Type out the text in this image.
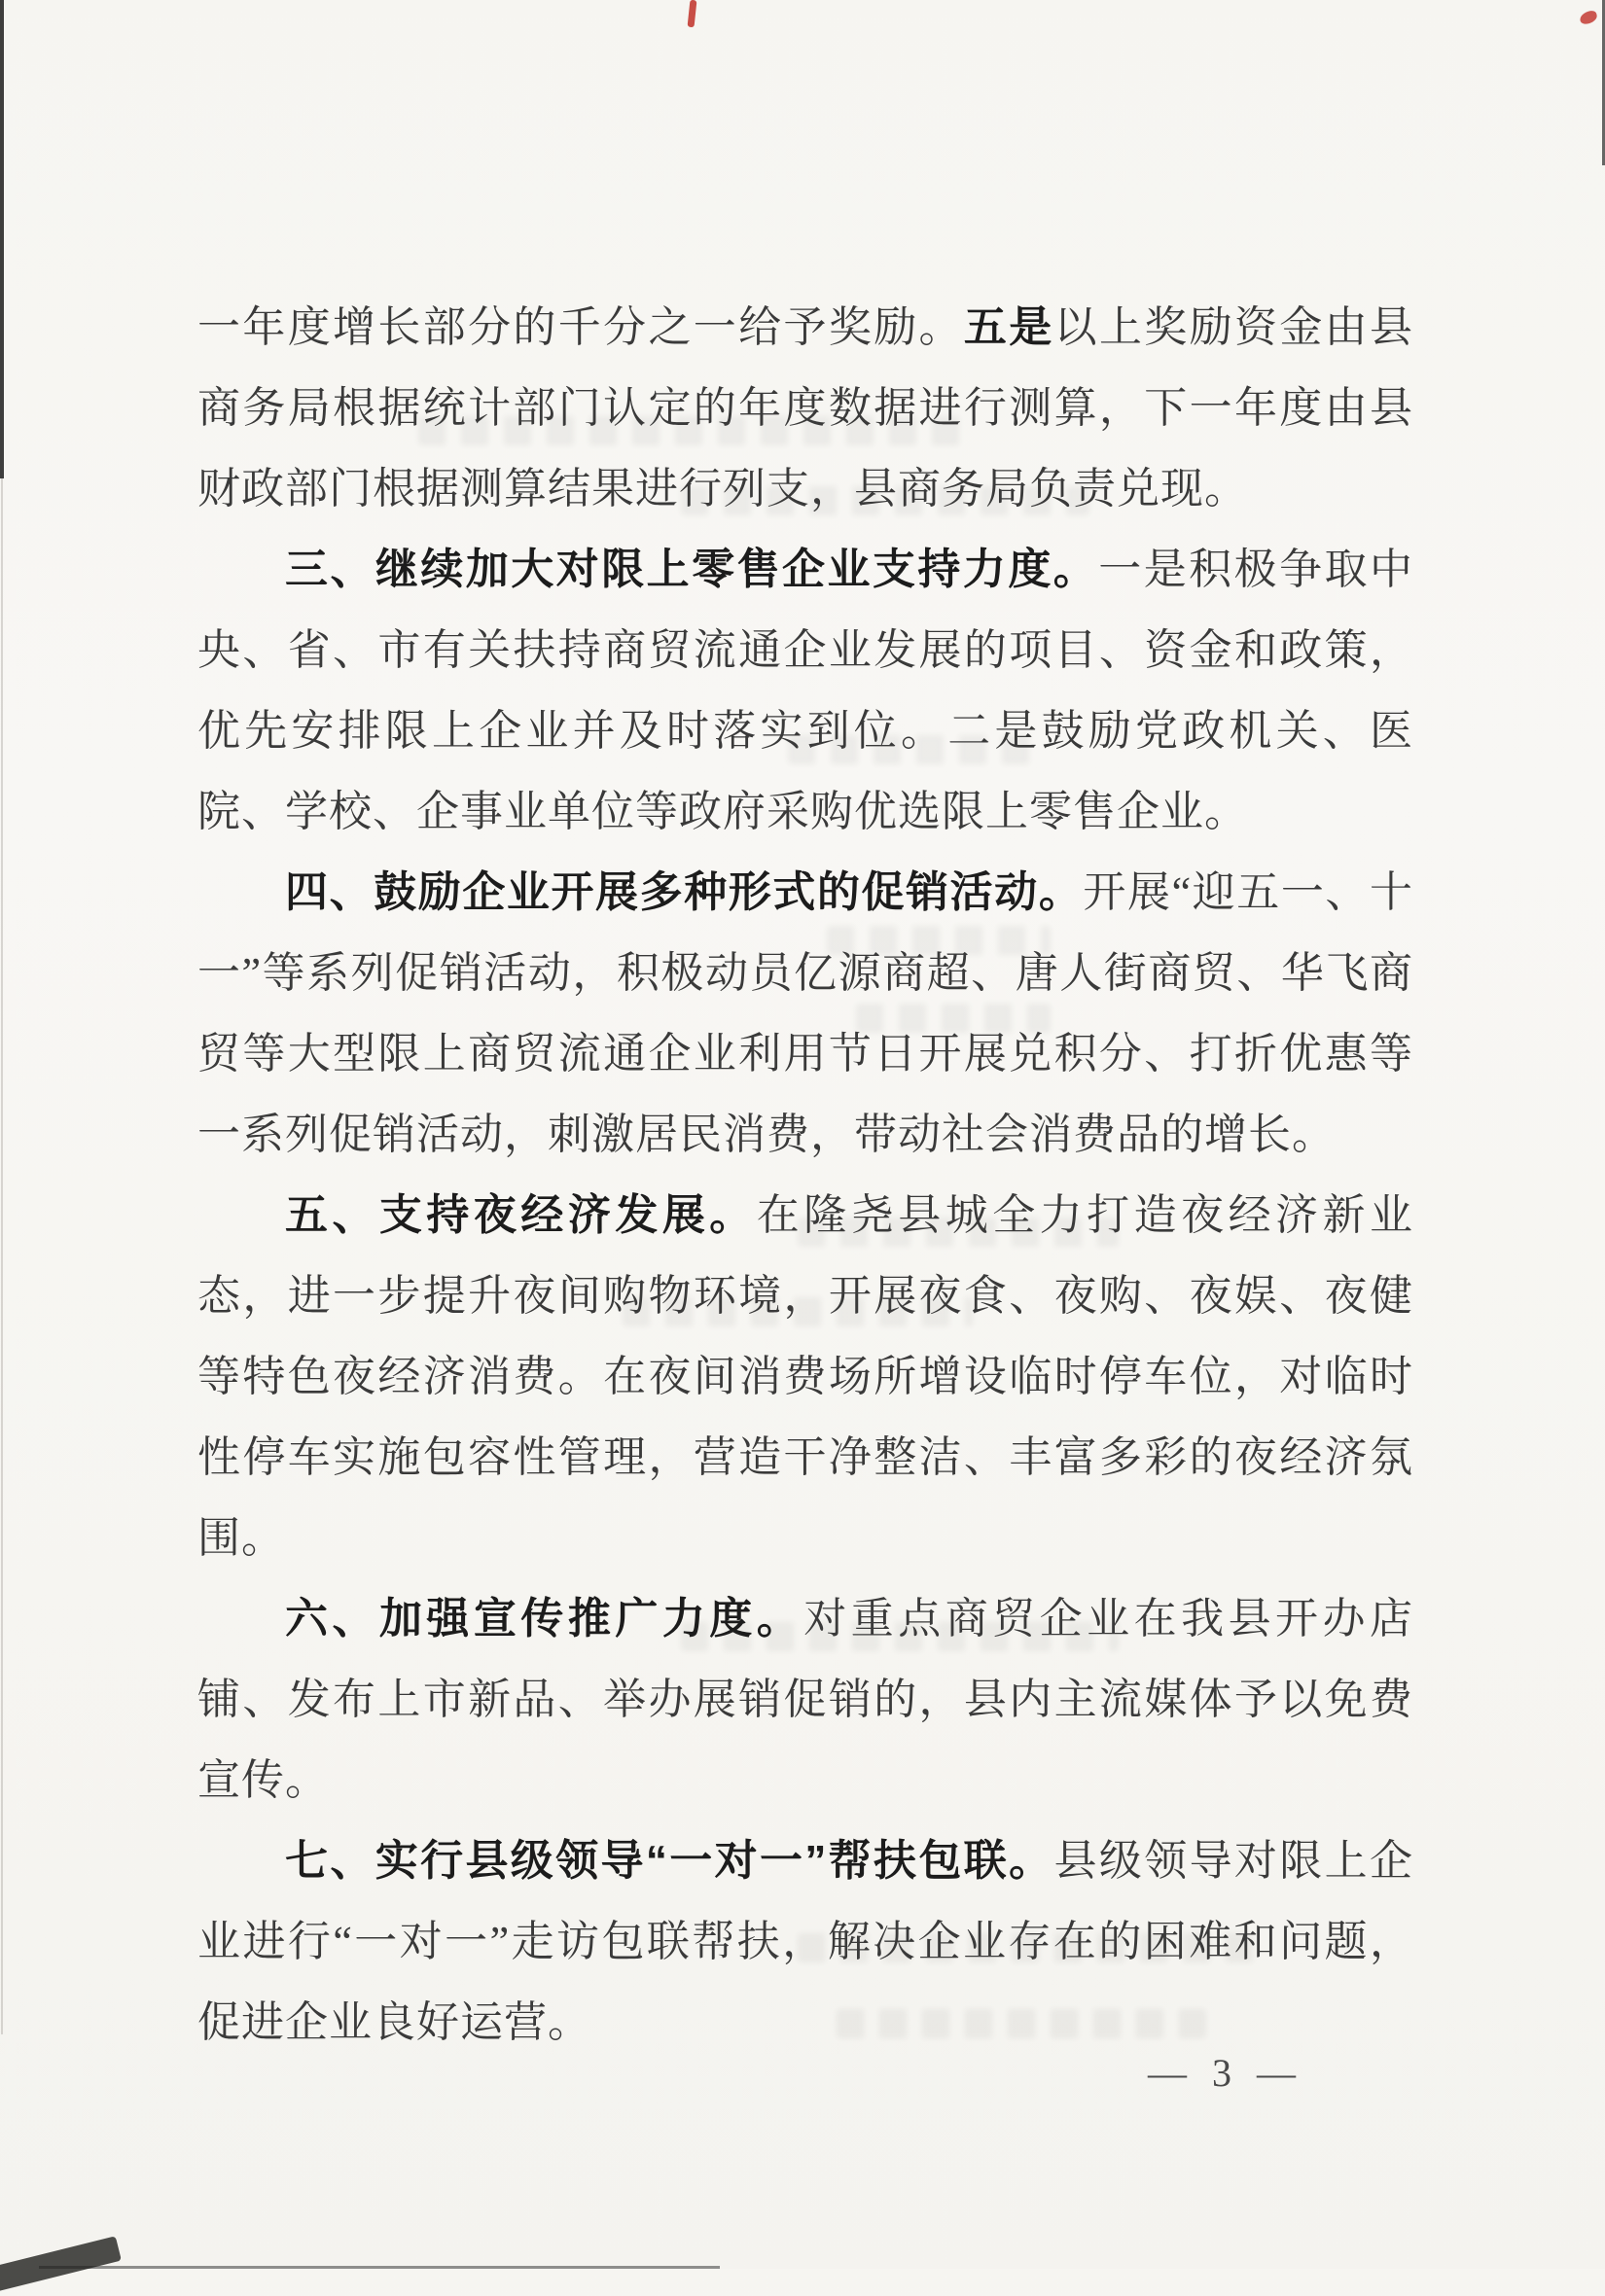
一年度增长部分的千分之一给予奖励。五是以上奖励资金由县商务局根据统计部门认定的年度数据进行测算，下一年度由县财政部门根据测算结果进行列支，县商务局负责兑现。

三、继续加大对限上零售企业支持力度。一是积极争取中央、省、市有关扶持商贸流通企业发展的项目、资金和政策，优先安排限上企业并及时落实到位。二是鼓励党政机关、医院、学校、企事业单位等政府采购优选限上零售企业。

四、鼓励企业开展多种形式的促销活动。开展“迎五一、十一”等系列促销活动，积极动员亿源商超、唐人街商贸、华飞商贸等大型限上商贸流通企业利用节日开展兑积分、打折优惠等一系列促销活动，刺激居民消费，带动社会消费品的增长。

五、支持夜经济发展。在隆尧县城全力打造夜经济新业态，进一步提升夜间购物环境，开展夜食、夜购、夜娱、夜健等特色夜经济消费。在夜间消费场所增设临时停车位，对临时性停车实施包容性管理，营造干净整洁、丰富多彩的夜经济氛围。

六、加强宣传推广力度。对重点商贸企业在我县开办店铺、发布上市新品、举办展销促销的，县内主流媒体予以免费宣传。

七、实行县级领导“一对一”帮扶包联。县级领导对限上企业进行“一对一”走访包联帮扶，解决企业存在的困难和问题，促进企业良好运营。

— 3 —
